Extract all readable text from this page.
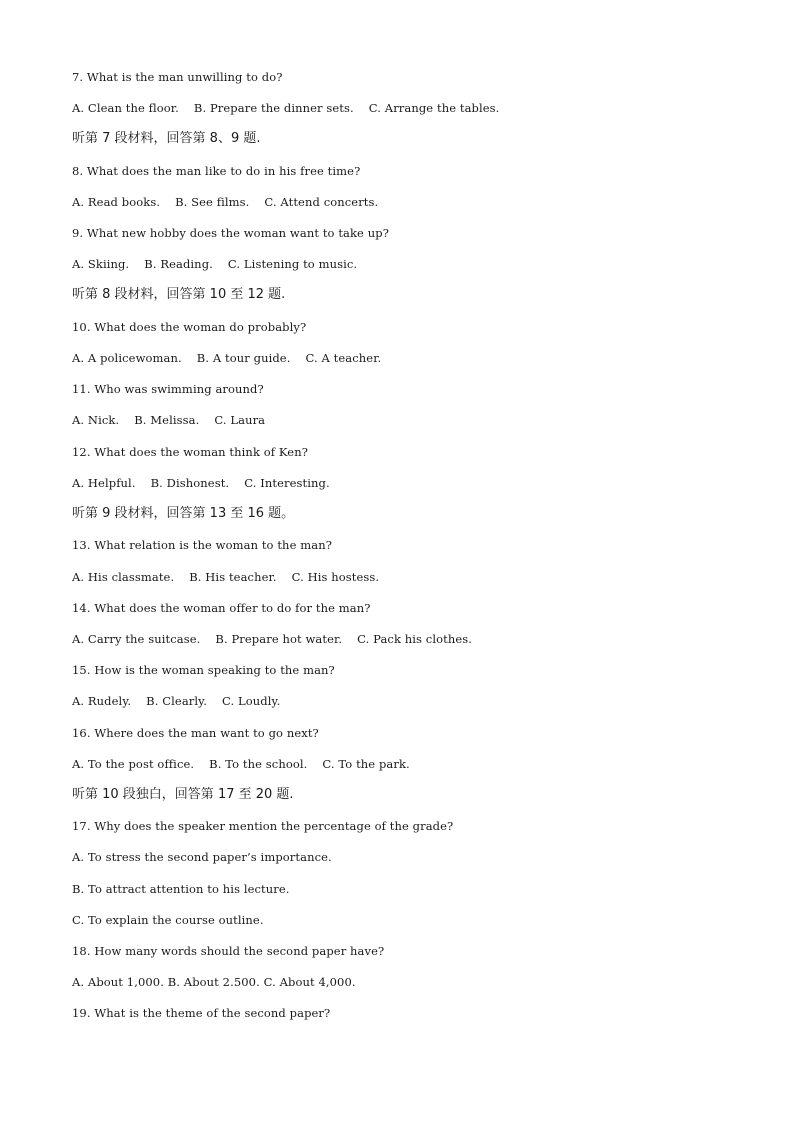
7. What is the man unwilling to do?
A. Clean the floor.    B. Prepare the dinner sets.    C. Arrange the tables.
听第 7 段材料，回答第 8、9 题.
8. What does the man like to do in his free time?
A. Read books.    B. See films.    C. Attend concerts.
9. What new hobby does the woman want to take up?
A. Skiing.    B. Reading.    C. Listening to music.
听第 8 段材料，回答第 10 至 12 题.
10. What does the woman do probably?
A. A policewoman.    B. A tour guide.    C. A teacher.
11. Who was swimming around?
A. Nick.    B. Melissa.    C. Laura
12. What does the woman think of Ken?
A. Helpful.    B. Dishonest.    C. Interesting.
听第 9 段材料，回答第 13 至 16 题。
13. What relation is the woman to the man?
A. His classmate.    B. His teacher.    C. His hostess.
14. What does the woman offer to do for the man?
A. Carry the suitcase.    B. Prepare hot water.    C. Pack his clothes.
15. How is the woman speaking to the man?
A. Rudely.    B. Clearly.    C. Loudly.
16. Where does the man want to go next?
A. To the post office.    B. To the school.    C. To the park.
听第 10 段独白，回答第 17 至 20 题.
17. Why does the speaker mention the percentage of the grade?
A. To stress the second paper’s importance.
B. To attract attention to his lecture.
C. To explain the course outline.
18. How many words should the second paper have?
A. About 1,000. B. About 2.500. C. About 4,000.
19. What is the theme of the second paper?
